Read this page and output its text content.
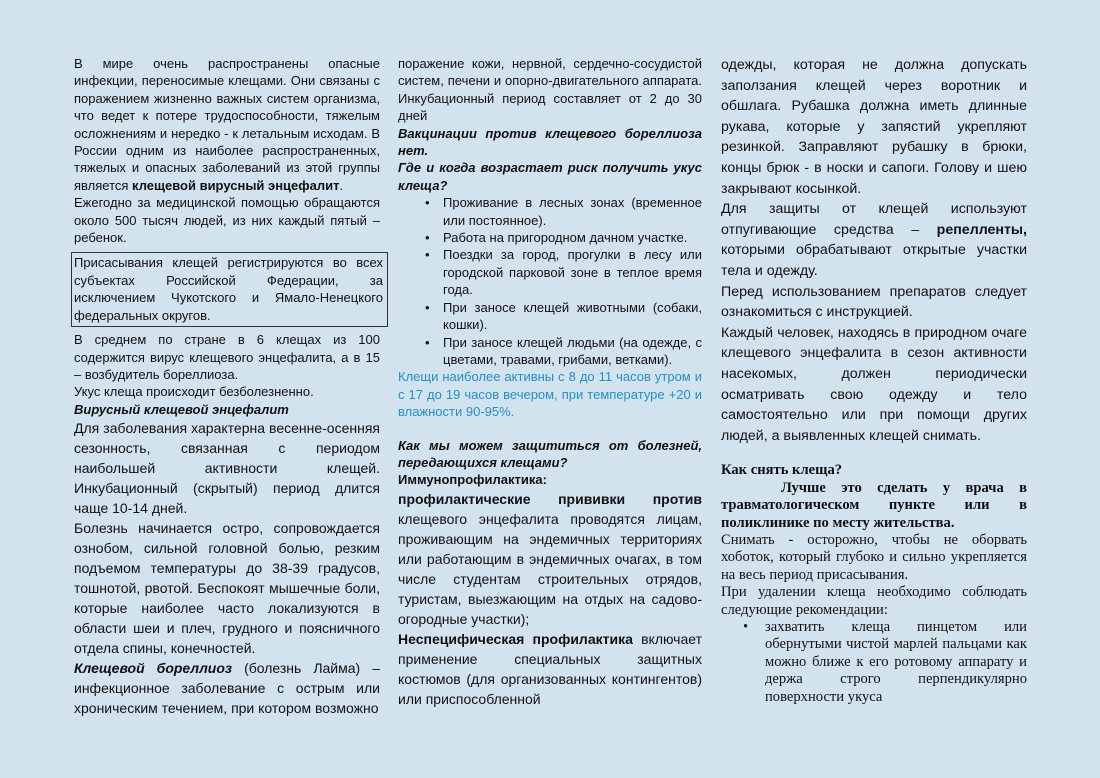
В мире очень распространены опасные инфекции, переносимые клещами. Они связаны с поражением жизненно важных систем организма, что ведет к потере трудоспособности, тяжелым осложнениям и нередко - к летальным исходам. В России одним из наиболее распространенных, тяжелых и опасных заболеваний из этой группы является клещевой вирусный энцефалит.

Ежегодно за медицинской помощью обращаются около 500 тысяч людей, из них каждый пятый – ребенок.

Присасывания клещей регистрируются во всех субъектах Российской Федерации, за исключением Чукотского и Ямало-Ненецкого федеральных округов.

В среднем по стране в 6 клещах из 100 содержится вирус клещевого энцефалита, а в 15 – возбудитель бореллиоза.

Укус клеща происходит безболезненно.

Вирусный клещевой энцефалит

Для заболевания характерна весенне-осенняя сезонность, связанная с периодом наибольшей активности клещей. Инкубационный (скрытый) период длится чаще 10-14 дней.

Болезнь начинается остро, сопровождается ознобом, сильной головной болью, резким подъемом температуры до 38-39 градусов, тошнотой, рвотой. Беспокоят мышечные боли, которые наиболее часто локализуются в области шеи и плеч, грудного и поясничного отдела спины, конечностей.

Клещевой бореллиоз (болезнь Лайма) – инфекционное заболевание с острым или хроническим течением, при котором возможно

поражение кожи, нервной, сердечно-сосудистой систем, печени и опорно-двигательного аппарата. Инкубационный период составляет от 2 до 30 дней

Вакцинации против клещевого бореллиоза нет.

Где и когда возрастает риск получить укус клеща?

• Проживание в лесных зонах (временное или постоянное).
• Работа на пригородном дачном участке.
• Поездки за город, прогулки в лесу или городской парковой зоне в теплое время года.
• При заносе клещей животными (собаки, кошки).
• При заносе клещей людьми (на одежде, с цветами, травами, грибами, ветками).

Клещи наиболее активны с 8 до 11 часов утром и с 17 до 19 часов вечером, при температуре +20 и влажности 90-95%.

Как мы можем защититься от болезней, передающихся клещами?

Иммунопрофилактика:

профилактические прививки против клещевого энцефалита проводятся лицам, проживающим на эндемичных территориях или работающим в эндемичных очагах, в том числе студентам строительных отрядов, туристам, выезжающим на отдых на садово-огородные участки);

Неспецифическая профилактика включает применение специальных защитных костюмов (для организованных контингентов) или приспособленной

одежды, которая не должна допускать заползания клещей через воротник и обшлага. Рубашка должна иметь длинные рукава, которые у запястий укрепляют резинкой. Заправляют рубашку в брюки, концы брюк - в носки и сапоги. Голову и шею закрывают косынкой.

Для защиты от клещей используют отпугивающие средства – репелленты, которыми обрабатывают открытые участки тела и одежду.

Перед использованием препаратов следует ознакомиться с инструкцией.

Каждый человек, находясь в природном очаге клещевого энцефалита в сезон активности насекомых, должен периодически осматривать свою одежду и тело самостоятельно или при помощи других людей, а выявленных клещей снимать.

Как снять клеща?

Лучше это сделать у врача в травматологическом пункте или в поликлинике по месту жительства.

Снимать - осторожно, чтобы не оборвать хоботок, который глубоко и сильно укрепляется на весь период присасывания.

При удалении клеща необходимо соблюдать следующие рекомендации:

• захватить клеща пинцетом или обернутыми чистой марлей пальцами как можно ближе к его ротовому аппарату и держа строго перпендикулярно поверхности укуса
